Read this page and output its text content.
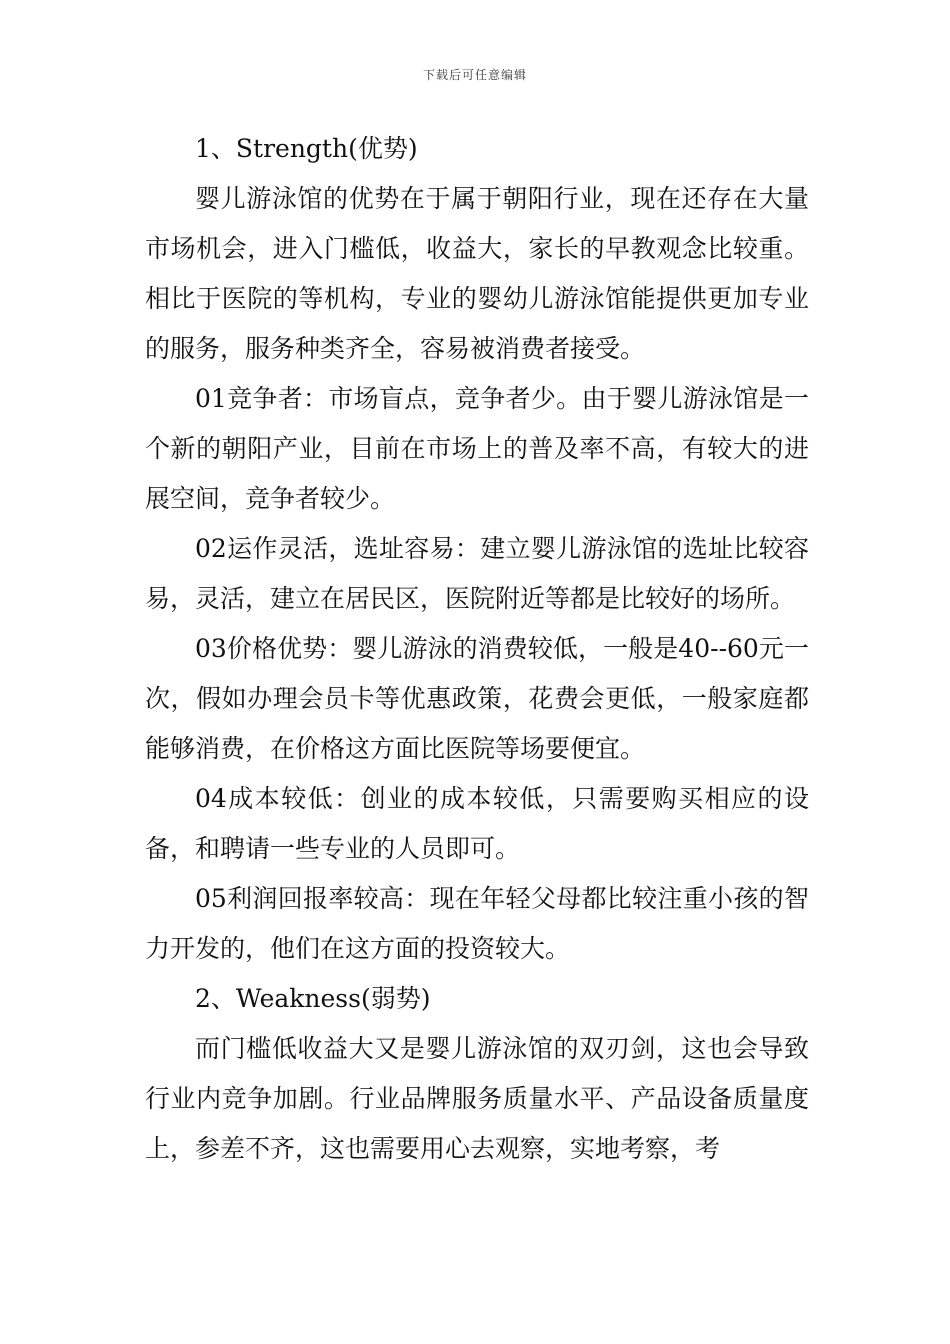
下载后可任意编辑

1、Strength(优势)

婴儿游泳馆的优势在于属于朝阳行业，现在还存在大量市场机会，进入门槛低，收益大，家长的早教观念比较重。相比于医院的等机构，专业的婴幼儿游泳馆能提供更加专业的服务，服务种类齐全，容易被消费者接受。

01竞争者：市场盲点，竞争者少。由于婴儿游泳馆是一个新的朝阳产业，目前在市场上的普及率不高，有较大的进展空间，竞争者较少。

02运作灵活，选址容易：建立婴儿游泳馆的选址比较容易，灵活，建立在居民区，医院附近等都是比较好的场所。

03价格优势：婴儿游泳的消费较低，一般是40--60元一次，假如办理会员卡等优惠政策，花费会更低，一般家庭都能够消费，在价格这方面比医院等场要便宜。

04成本较低：创业的成本较低，只需要购买相应的设备，和聘请一些专业的人员即可。

05利润回报率较高：现在年轻父母都比较注重小孩的智力开发的，他们在这方面的投资较大。

2、Weakness(弱势)

而门槛低收益大又是婴儿游泳馆的双刃剑，这也会导致行业内竞争加剧。行业品牌服务质量水平、产品设备质量度上，参差不齐，这也需要用心去观察，实地考察，考
